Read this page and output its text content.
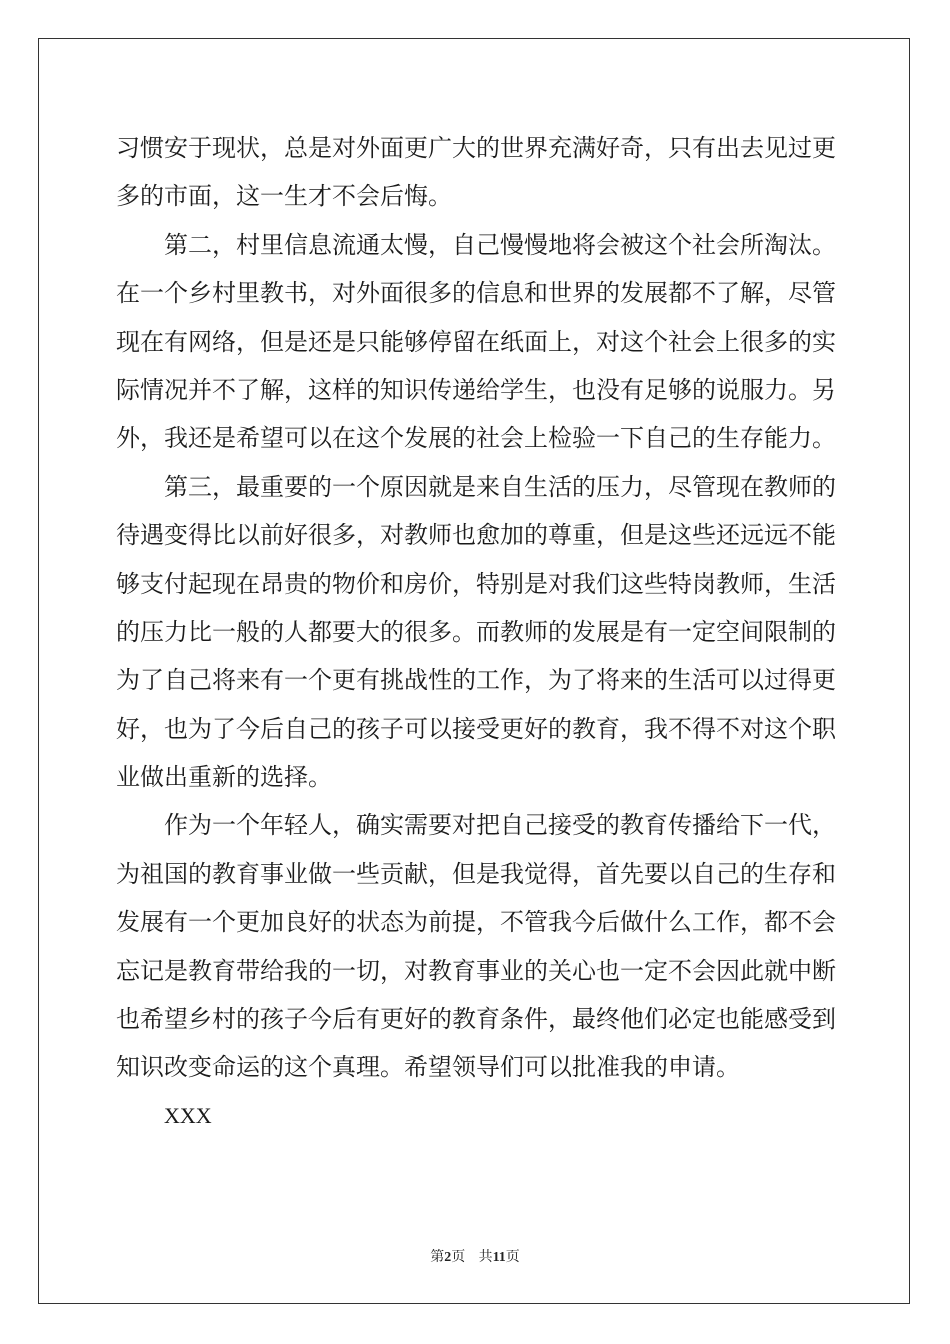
习惯安于现状，总是对外面更广大的世界充满好奇，只有出去见过更
多的市面，这一生才不会后悔。
第二，村里信息流通太慢，自己慢慢地将会被这个社会所淘汰。
在一个乡村里教书，对外面很多的信息和世界的发展都不了解，尽管
现在有网络，但是还是只能够停留在纸面上，对这个社会上很多的实
际情况并不了解，这样的知识传递给学生，也没有足够的说服力。另
外，我还是希望可以在这个发展的社会上检验一下自己的生存能力。
第三，最重要的一个原因就是来自生活的压力，尽管现在教师的
待遇变得比以前好很多，对教师也愈加的尊重，但是这些还远远不能
够支付起现在昂贵的物价和房价，特别是对我们这些特岗教师，生活
的压力比一般的人都要大的很多。而教师的发展是有一定空间限制的
为了自己将来有一个更有挑战性的工作，为了将来的生活可以过得更
好，也为了今后自己的孩子可以接受更好的教育，我不得不对这个职
业做出重新的选择。
作为一个年轻人，确实需要对把自己接受的教育传播给下一代，
为祖国的教育事业做一些贡献，但是我觉得，首先要以自己的生存和
发展有一个更加良好的状态为前提，不管我今后做什么工作，都不会
忘记是教育带给我的一切，对教育事业的关心也一定不会因此就中断
也希望乡村的孩子今后有更好的教育条件，最终他们必定也能感受到
知识改变命运的这个真理。希望领导们可以批准我的申请。
XXX
第2页 共11页
